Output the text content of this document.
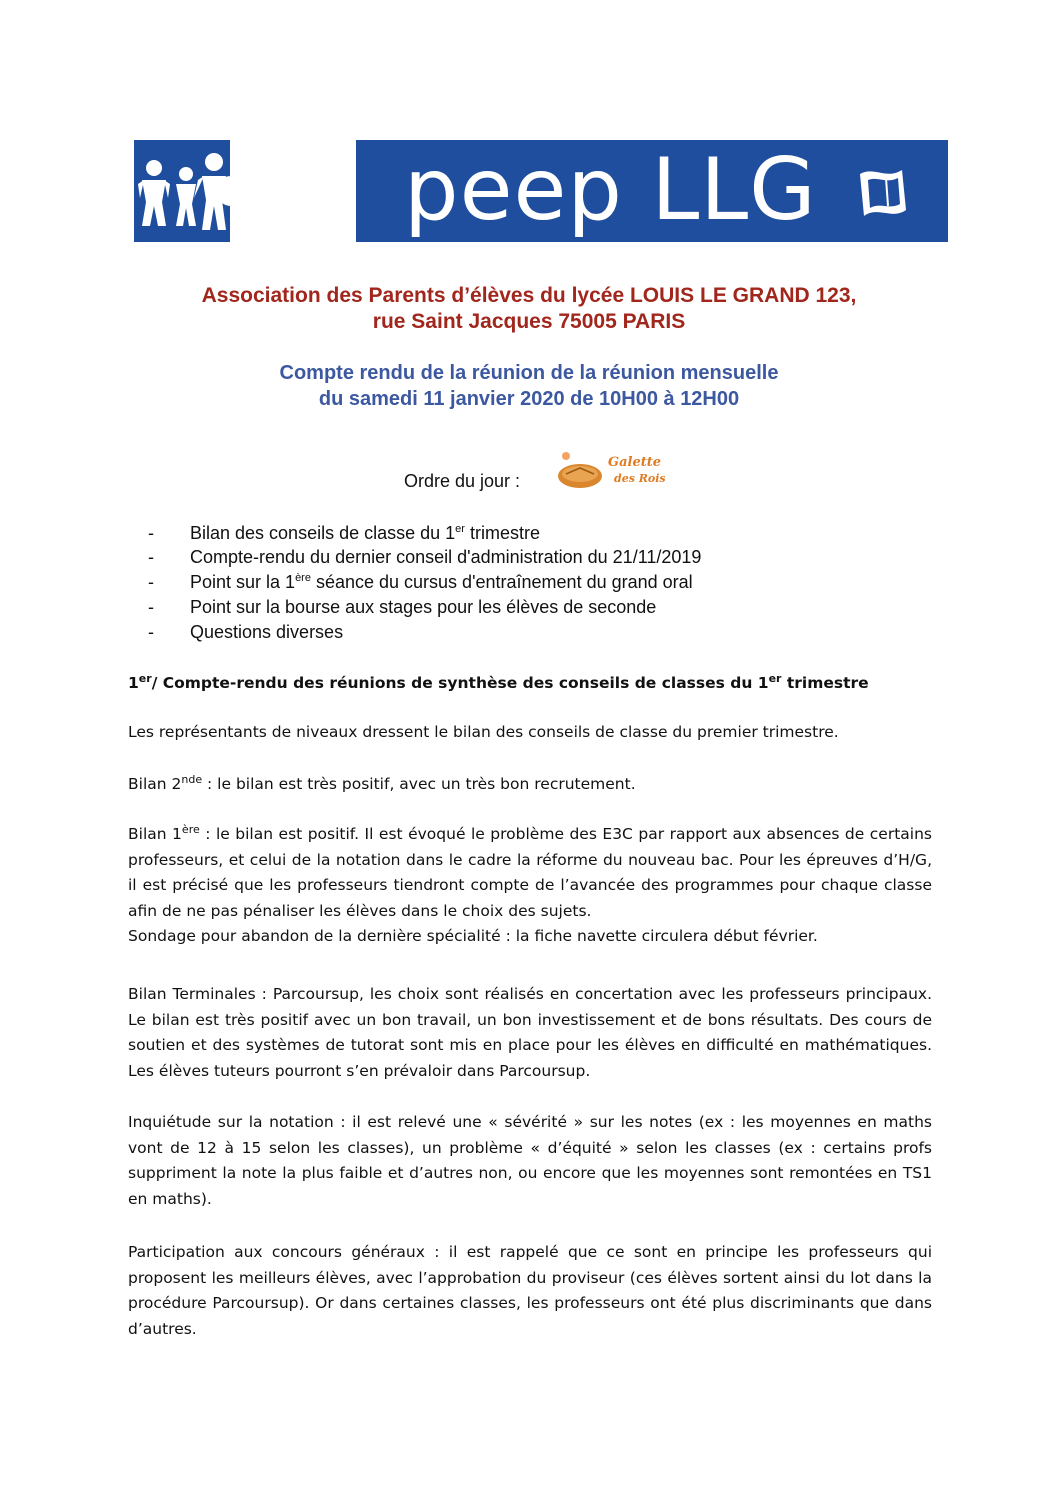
peep LLG
Association des Parents d’élèves du lycée LOUIS LE GRAND 123,
rue Saint Jacques 75005 PARIS
Compte rendu de la réunion de la réunion mensuelle
du samedi 11 janvier 2020 de 10H00 à 12H00
Ordre du jour :
Galette des Rois
-	Bilan des conseils de classe du 1er trimestre
-	Compte-rendu du dernier conseil d'administration du 21/11/2019
-	Point sur la 1ère séance du cursus d'entraînement du grand oral
-	Point sur la bourse aux stages pour les élèves de seconde
-	Questions diverses
1er/ Compte-rendu des réunions de synthèse des conseils de classes du 1er trimestre
Les représentants de niveaux dressent le bilan des conseils de classe du premier trimestre.
Bilan 2nde : le bilan est très positif, avec un très bon recrutement.
Bilan 1ère : le bilan est positif. Il est évoqué le problème des E3C par rapport aux absences de certains professeurs, et celui de la notation dans le cadre la réforme du nouveau bac. Pour les épreuves d’H/G, il est précisé que les professeurs tiendront compte de l’avancée des programmes pour chaque classe afin de ne pas pénaliser les élèves dans le choix des sujets.
Sondage pour abandon de la dernière spécialité : la fiche navette circulera début février.
Bilan Terminales : Parcoursup, les choix sont réalisés en concertation avec les professeurs principaux. Le bilan est très positif avec un bon travail, un bon investissement et de bons résultats. Des cours de soutien et des systèmes de tutorat sont mis en place pour les élèves en difficulté en mathématiques. Les élèves tuteurs pourront s’en prévaloir dans Parcoursup.
Inquiétude sur la notation : il est relevé une « sévérité » sur les notes (ex : les moyennes en maths vont de 12 à 15 selon les classes), un problème « d’équité » selon les classes (ex : certains profs suppriment la note la plus faible et d’autres non, ou encore que les moyennes sont remontées en TS1 en maths).
Participation aux concours généraux : il est rappelé que ce sont en principe les professeurs qui proposent les meilleurs élèves, avec l’approbation du proviseur (ces élèves sortent ainsi du lot dans la procédure Parcoursup). Or dans certaines classes, les professeurs ont été plus discriminants que dans d’autres.
